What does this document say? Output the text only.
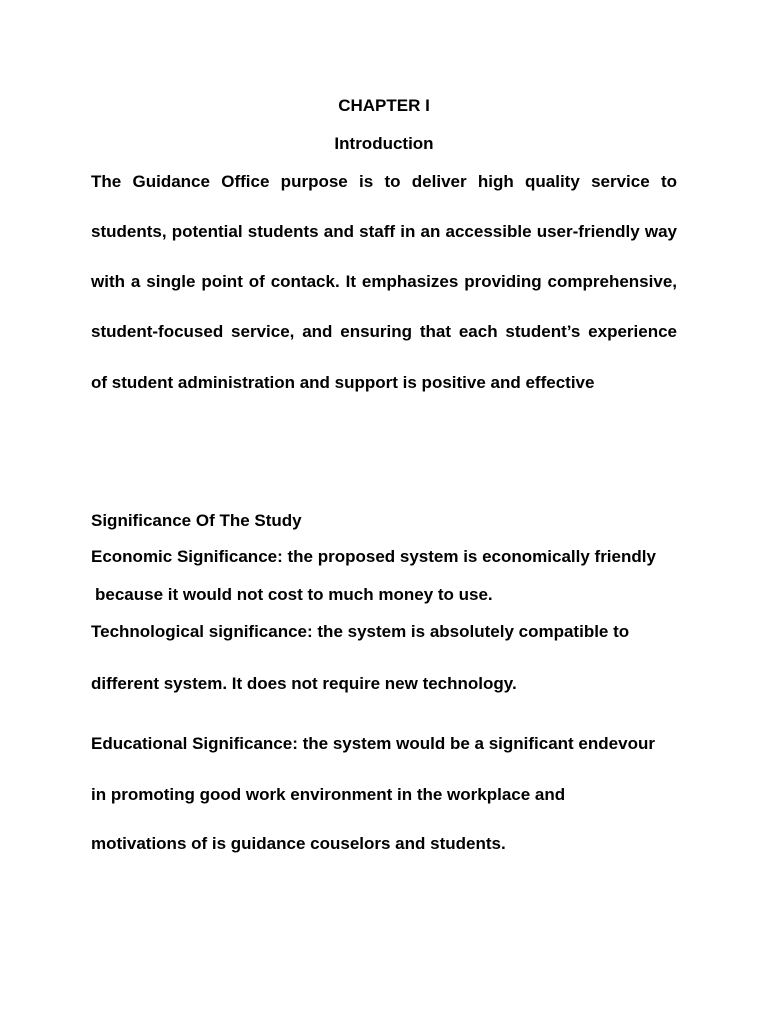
CHAPTER I
Introduction
The Guidance Office purpose is to deliver high quality service to
students, potential students and staff in an accessible user-friendly way
with a single point of contack. It emphasizes providing comprehensive,
student-focused service, and ensuring that each student’s experience
of student administration and support is positive and effective
Significance Of The Study
Economic Significance: the proposed system is economically friendly
because it would not cost to much money to use.
Technological significance: the system is absolutely compatible to
different system. It does not require new technology.
Educational Significance: the system would be a significant endevour
in promoting good work environment in the workplace and
motivations of is guidance couselors and students.
